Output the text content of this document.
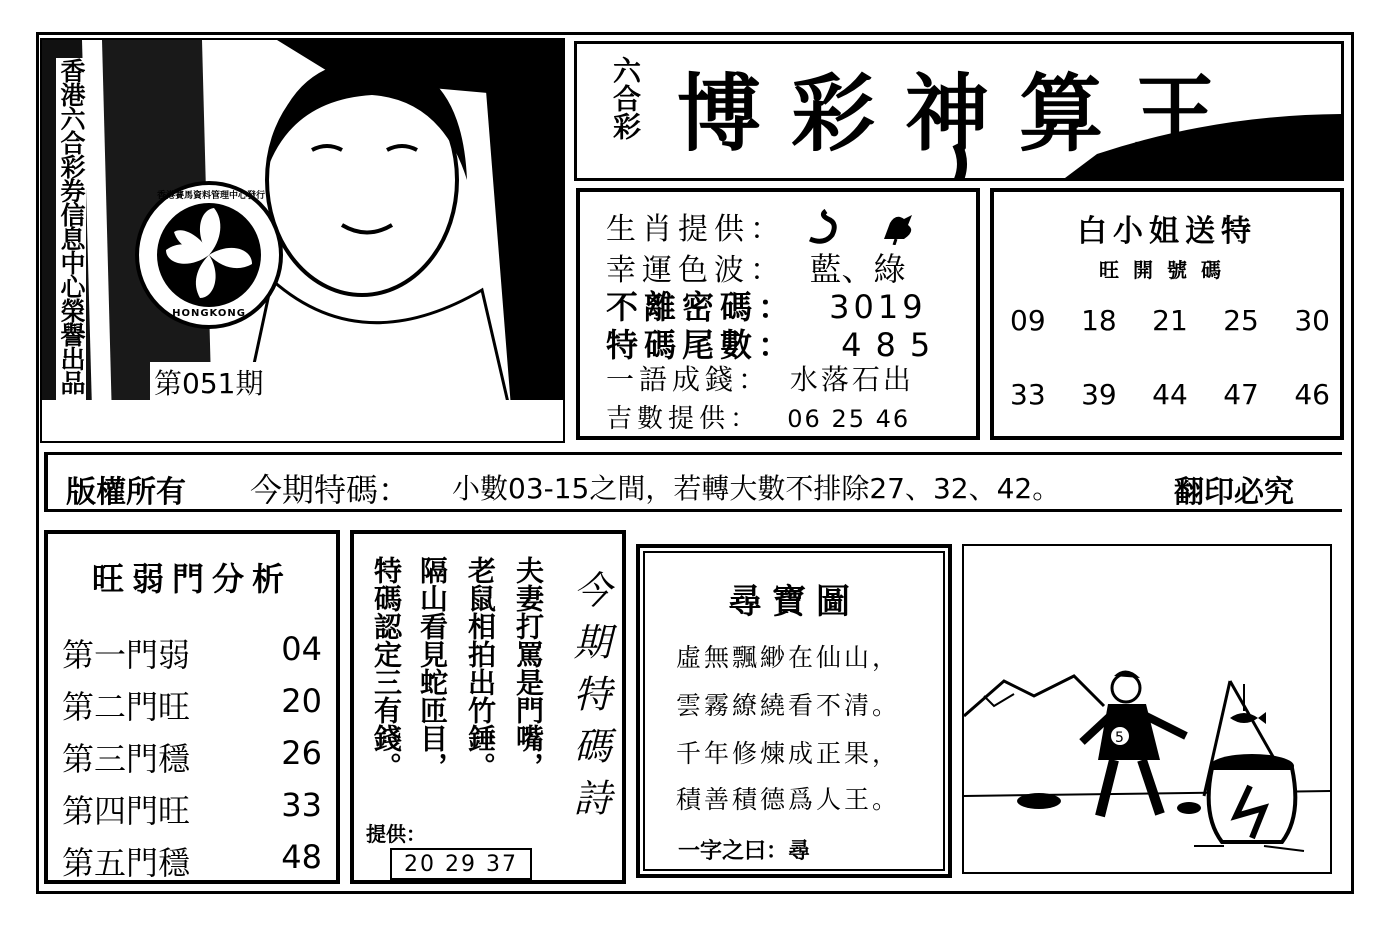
香港六合彩券信息中心榮譽出品	香港賽馬資料管理中心發行
HONGKONG
第051期
六合彩 博彩神算王
生肖提供：
幸運色波： 藍、綠
不離密碼： 3019
特碼尾數： 485
一語成錢： 水落石出
吉數提供： 06 25 46
白小姐送特
旺開號碼
09 18 21 25 30
33 39 44 47 46
版權所有 今期特碼： 小數03-15之間，若轉大數不排除27、32、42。	翻印必究
旺弱門分析
第一門弱	04
第二門旺	20
第三門穩	26
第四門旺	33
第五門穩	48
夫妻打罵是門嘴，
老鼠相拍出竹錘。
隔山看見蛇匝目，
特碼認定三有錢。	今期特碼詩
提供：
20 29 37
尋寶圖
虛無飄緲在仙山，
雲霧繚繞看不清。
千年修煉成正果，
積善積德爲人王。
一字之曰：尋
5
